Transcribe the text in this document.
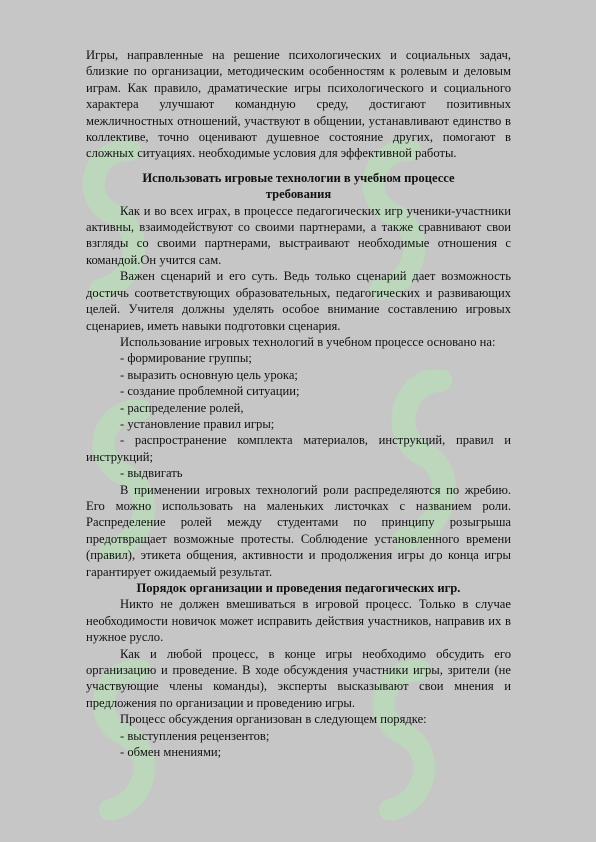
Игры, направленные на решение психологических и социальных задач, близкие по организации, методическим особенностям к ролевым и деловым играм. Как правило, драматические игры психологического и социального характера улучшают командную среду, достигают позитивных межличностных отношений, участвуют в общении, устанавливают единство в коллективе, точно оценивают душевное состояние других, помогают в сложных ситуациях. необходимые условия для эффективной работы.

Использовать игровые технологии в учебном процессе
требования

Как и во всех играх, в процессе педагогических игр ученики-участники активны, взаимодействуют со своими партнерами, а также сравнивают свои взгляды со своими партнерами, выстраивают необходимые отношения с командой.Он учится сам.

Важен сценарий и его суть. Ведь только сценарий дает возможность достичь соответствующих образовательных, педагогических и развивающих целей. Учителя должны уделять особое внимание составлению игровых сценариев, иметь навыки подготовки сценария.

Использование игровых технологий в учебном процессе основано на:

- формирование группы;

- выразить основную цель урока;

- создание проблемной ситуации;

- распределение ролей,

- установление правил игры;

- распространение комплекта материалов, инструкций, правил и инструкций;

- выдвигать

В применении игровых технологий роли распределяются по жребию. Его можно использовать на маленьких листочках с названием роли. Распределение ролей между студентами по принципу розыгрыша предотвращает возможные протесты. Соблюдение установленного времени (правил), этикета общения, активности и продолжения игры до конца игры гарантирует ожидаемый результат.

Порядок организации и проведения педагогических игр.

Никто не должен вмешиваться в игровой процесс. Только в случае необходимости новичок может исправить действия участников, направив их в нужное русло.

Как и любой процесс, в конце игры необходимо обсудить его организацию и проведение. В ходе обсуждения участники игры, зрители (не участвующие члены команды), эксперты высказывают свои мнения и предложения по организации и проведению игры.

Процесс обсуждения организован в следующем порядке:

- выступления рецензентов;

- обмен мнениями;
